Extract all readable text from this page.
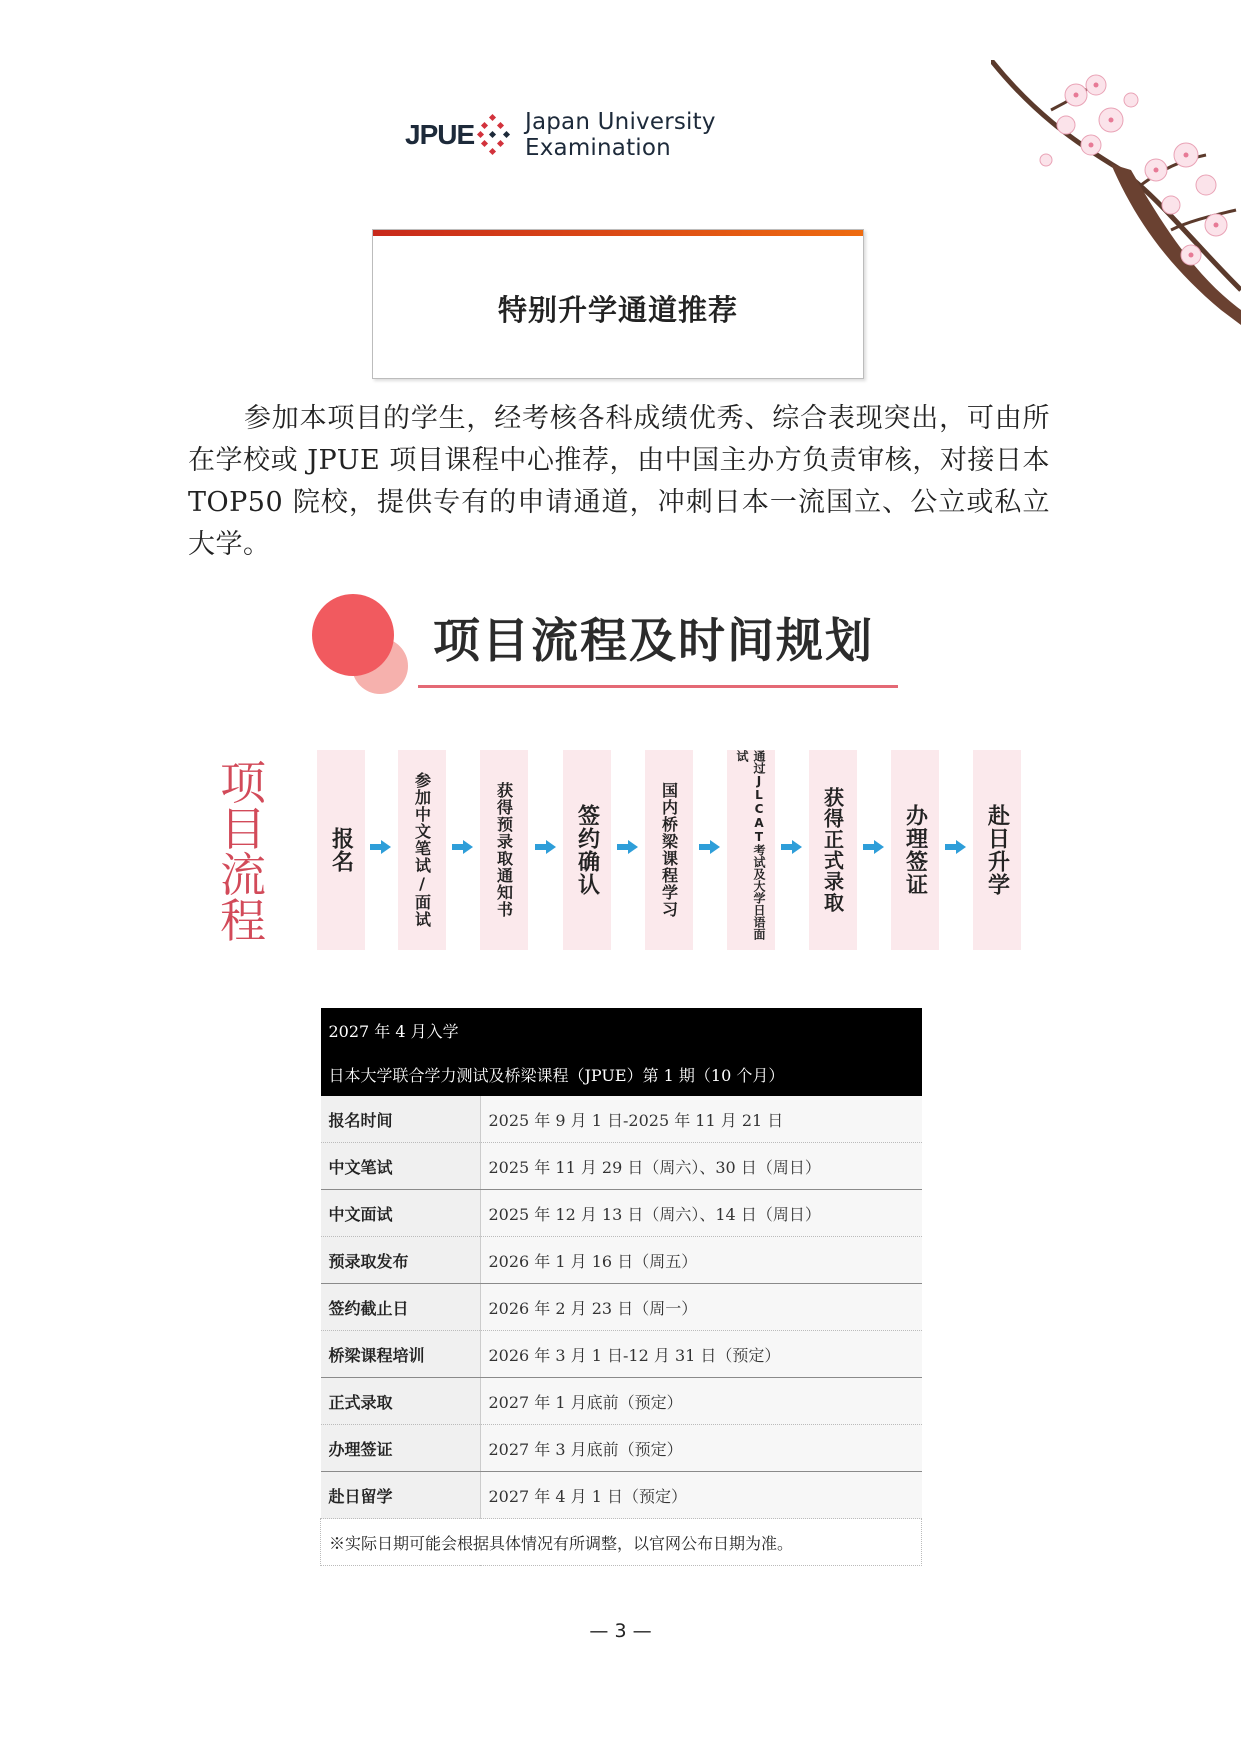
JPUE Japan University Examination
特别升学通道推荐
参加本项目的学生，经考核各科成绩优秀、综合表现突出，可由所在学校或 JPUE 项目课程中心推荐，由中国主办方负责审核，对接日本 TOP50 院校，提供专有的申请通道，冲刺日本一流国立、公立或私立大学。
项目流程及时间规划
项目流程
报名	参加中文笔试/面试	获得预录取通知书	签约确认	国内桥梁课程学习	通过JLCAT考试及大学日语面试
获得正式录取	办理签证	赴日升学
2027 年 4 月入学	
日本大学联合学力测试及桥梁课程（JPUE）第 1 期（10 个月）	
报名时间	2025 年 9 月 1 日-2025 年 11 月 21 日
中文笔试	2025 年 11 月 29 日（周六）、30 日（周日）
中文面试	2025 年 12 月 13 日（周六）、14 日（周日）
预录取发布	2026 年 1 月 16 日（周五）
签约截止日	2026 年 2 月 23 日（周一）
桥梁课程培训	2026 年 3 月 1 日-12 月 31 日（预定）
正式录取	2027 年 1 月底前（预定）
办理签证	2027 年 3 月底前（预定）
赴日留学	2027 年 4 月 1 日（预定）
※实际日期可能会根据具体情况有所调整，以官网公布日期为准。	
— 3 —
